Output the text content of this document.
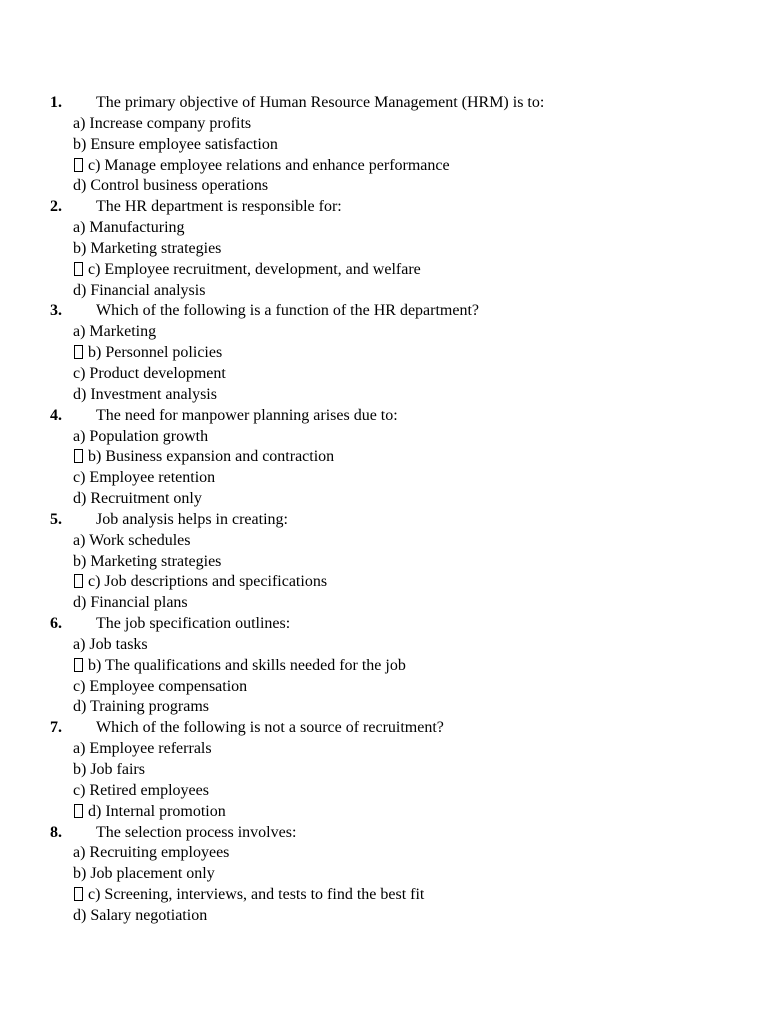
1. The primary objective of Human Resource Management (HRM) is to:
a) Increase company profits
b) Ensure employee satisfaction
c) Manage employee relations and enhance performance
d) Control business operations
2. The HR department is responsible for:
a) Manufacturing
b) Marketing strategies
c) Employee recruitment, development, and welfare
d) Financial analysis
3. Which of the following is a function of the HR department?
a) Marketing
b) Personnel policies
c) Product development
d) Investment analysis
4. The need for manpower planning arises due to:
a) Population growth
b) Business expansion and contraction
c) Employee retention
d) Recruitment only
5. Job analysis helps in creating:
a) Work schedules
b) Marketing strategies
c) Job descriptions and specifications
d) Financial plans
6. The job specification outlines:
a) Job tasks
b) The qualifications and skills needed for the job
c) Employee compensation
d) Training programs
7. Which of the following is not a source of recruitment?
a) Employee referrals
b) Job fairs
c) Retired employees
d) Internal promotion
8. The selection process involves:
a) Recruiting employees
b) Job placement only
c) Screening, interviews, and tests to find the best fit
d) Salary negotiation
